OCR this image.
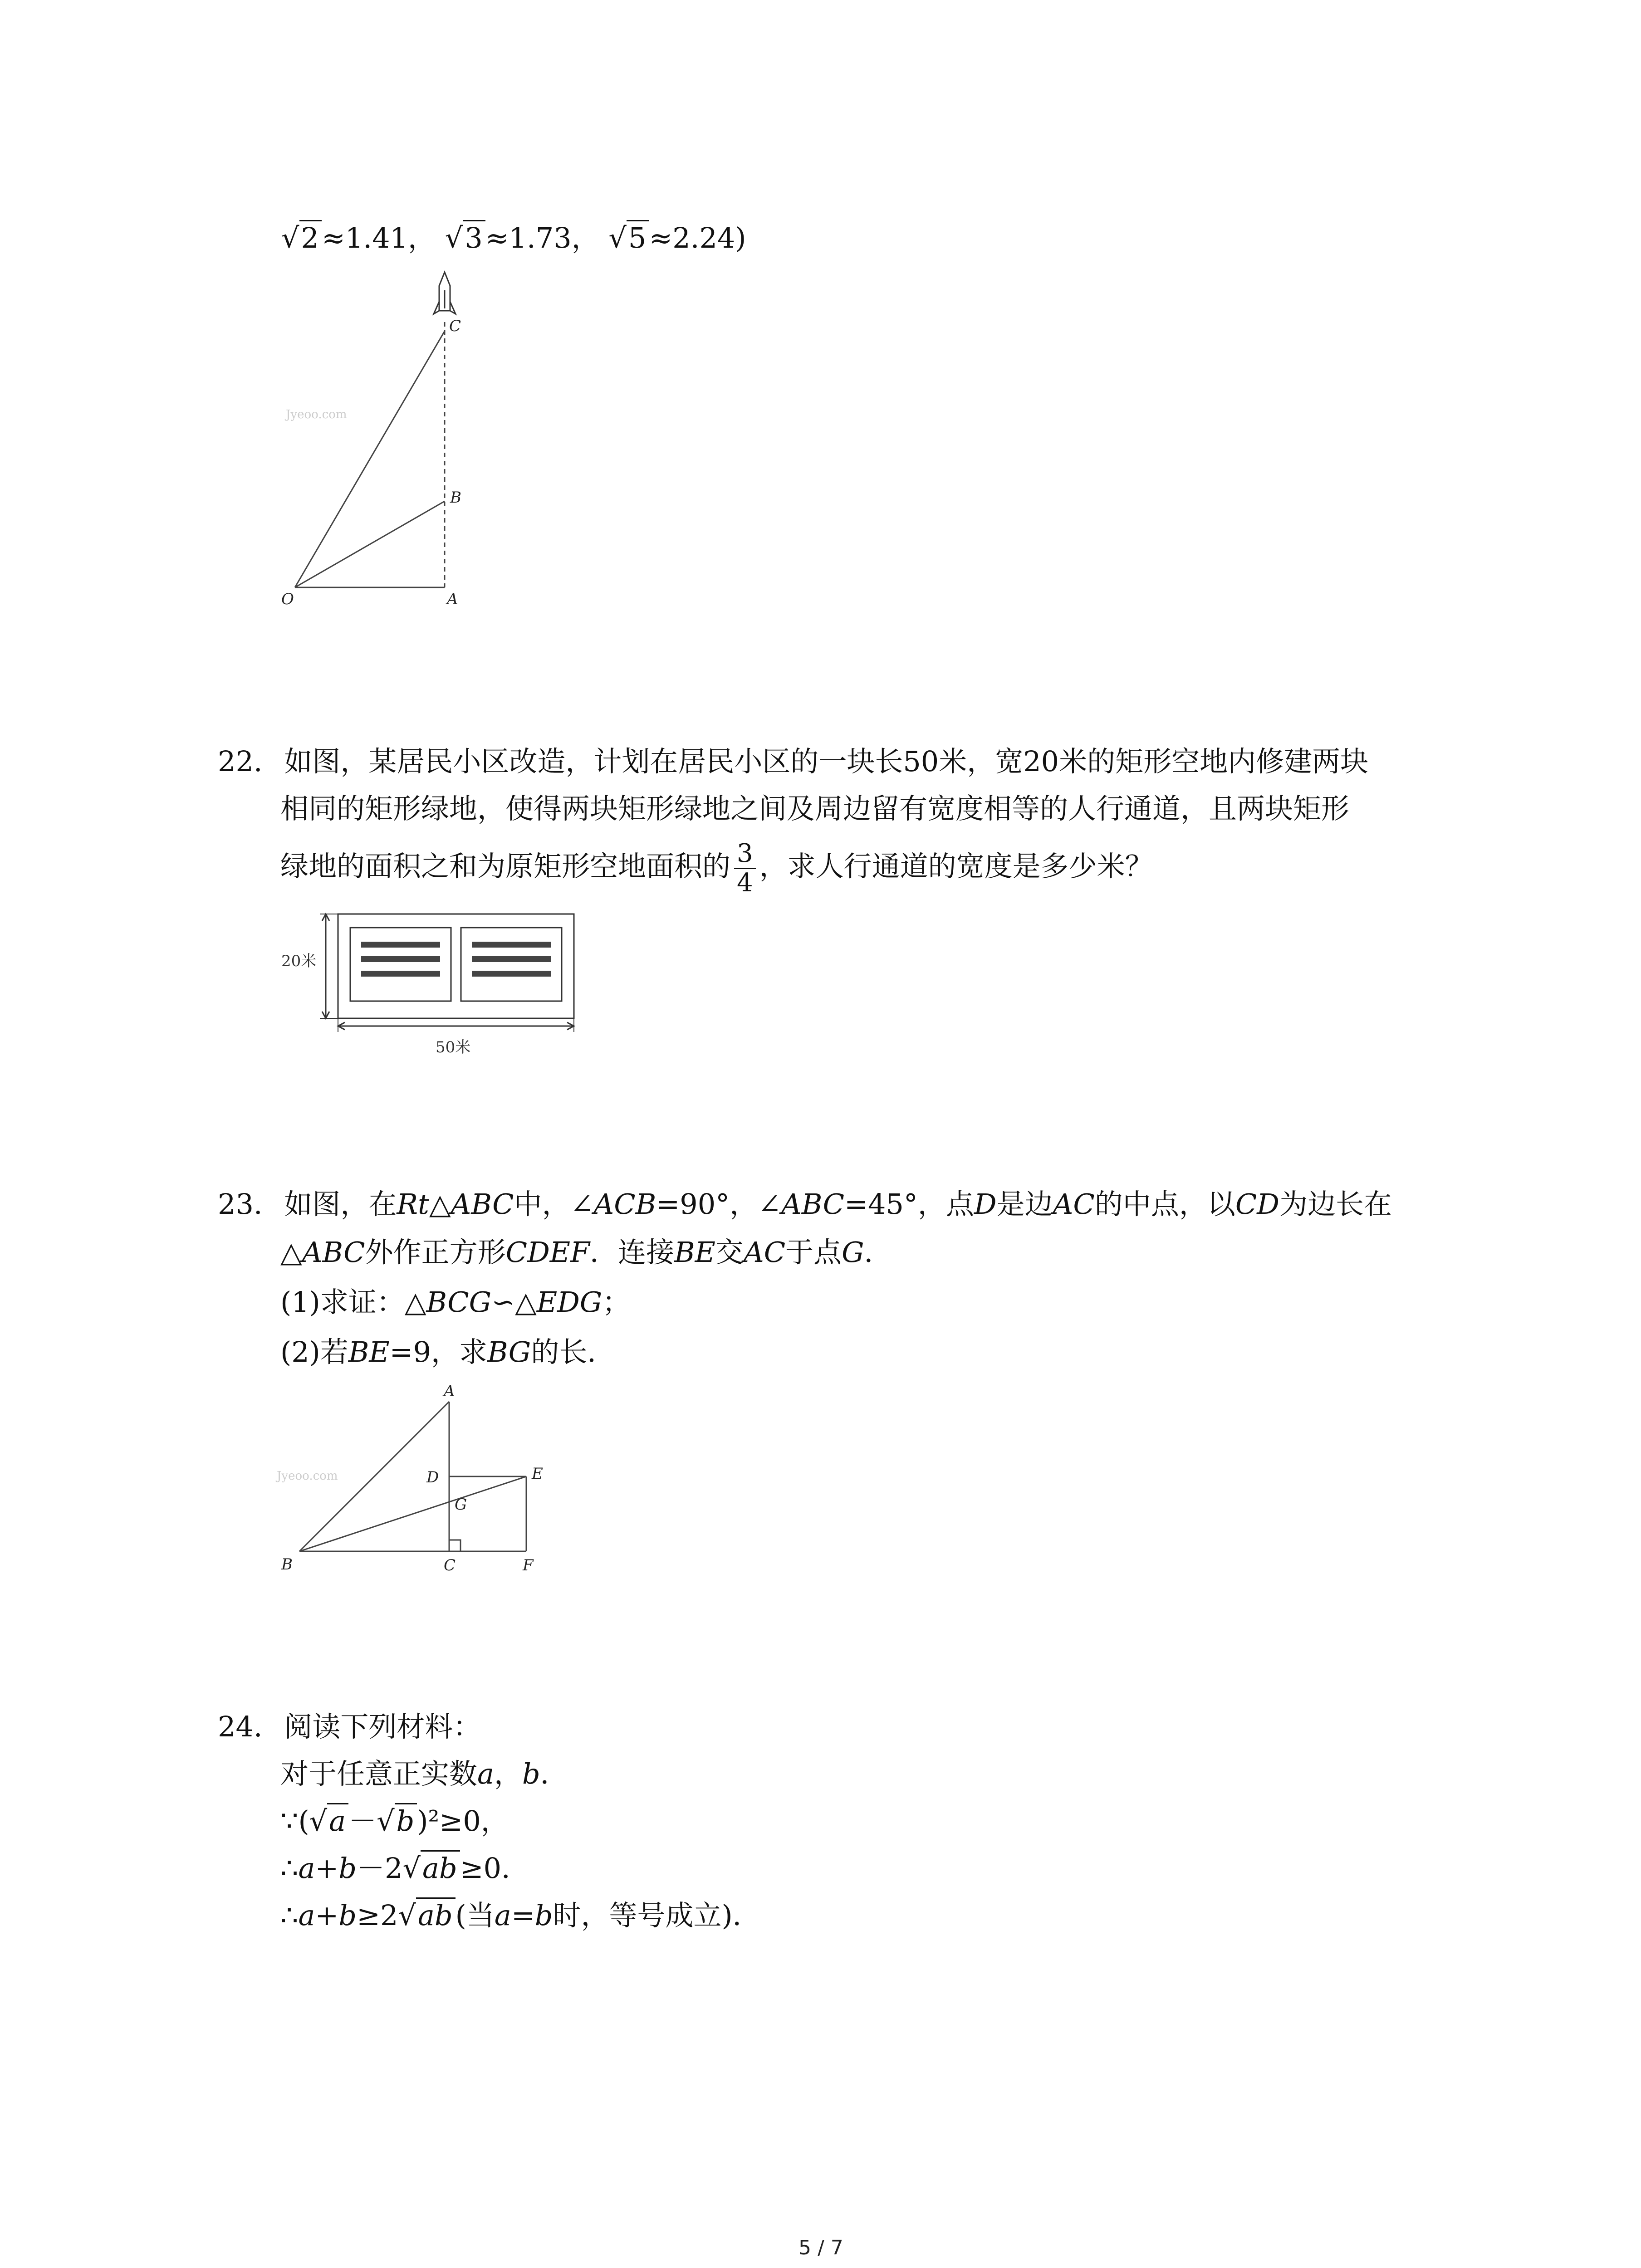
√2≈1.41， √3≈1.73， √5≈2.24)
Jyeoo.com
C
B
O	A
22. 如图，某居民小区改造，计划在居民小区的一块长50米，宽20米的矩形空地内修建两块
相同的矩形绿地，使得两块矩形绿地之间及周边留有宽度相等的人行通道，且两块矩形
绿地的面积之和为原矩形空地面积的 $\frac{3}{4}$ ，求人行通道的宽度是多少米？
20米
50米
23. 如图，在Rt△ABC中，∠ACB=90°，∠ABC=45°，点D是边AC的中点，以CD为边长在
△ABC外作正方形CDEF．连接BE交AC于点G．
(1)求证：△BCG∽△EDG；
(2)若BE=9，求BG的长．
Jyeoo.com
A
D	E
G
B	C	F
24. 阅读下列材料：
对于任意正实数a，b．
∵(√a－√b)²≥0，
∴a+b－2√ab≥0．
∴a+b≥2√ab(当a=b时，等号成立)．
5 / 7
